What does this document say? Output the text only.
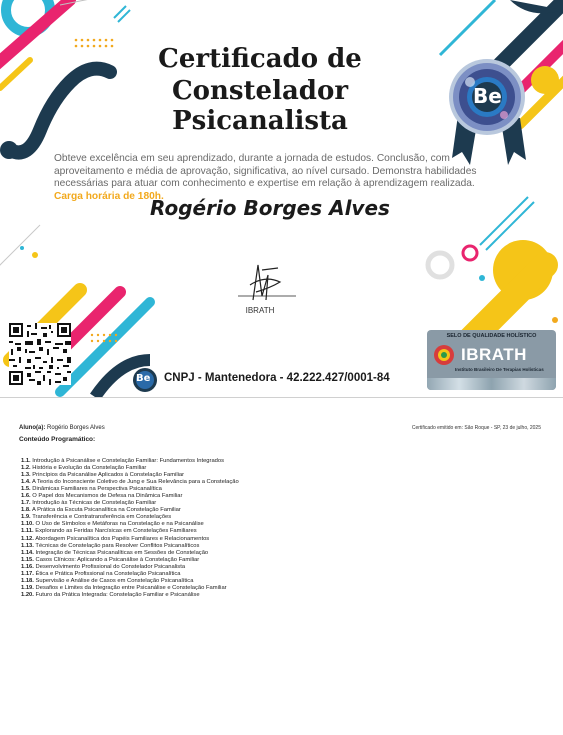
Be
Be
Certificado de
Constelador Psicanalista
Obteve excelência em seu aprendizado, durante a jornada de estudos. Conclusão, com aproveitamento e média de aprovação, significativa, ao nível cursado. Demonstra habilidades necessárias para atuar com conhecimento e expertise em relação à aprendizagem realizada. Carga horária de 180h.
Rogério Borges Alves
IBRATH
CNPJ - Mantenedora - 42.222.427/0001-84
SELO DE QUALIDADE HOLÍSTICO
IBRATH
Instituto Brasileiro De Terapias Holísticas
Aluno(a): Rogério Borges Alves	Certificado emitido em: São Roque - SP, 23 de julho, 2025
Conteúdo Programático:
1.1. Introdução à Psicanálise e Constelação Familiar: Fundamentos Integrados
1.2. História e Evolução da Constelação Familiar
1.3. Princípios da Psicanálise Aplicados à Constelação Familiar
1.4. A Teoria do Inconsciente Coletivo de Jung e Sua Relevância para a Constelação
1.5. Dinâmicas Familiares na Perspectiva Psicanalítica
1.6. O Papel dos Mecanismos de Defesa na Dinâmica Familiar
1.7. Introdução às Técnicas de Constelação Familiar
1.8. A Prática da Escuta Psicanalítica na Constelação Familiar
1.9. Transferência e Contratransferência em Constelações
1.10. O Uso de Símbolos e Metáforas na Constelação e na Psicanálise
1.11. Explorando as Feridas Narcísicas em Constelações Familiares
1.12. Abordagem Psicanalítica dos Papéis Familiares e Relacionamentos
1.13. Técnicas de Constelação para Resolver Conflitos Psicanalíticos
1.14. Integração de Técnicas Psicanalíticas em Sessões de Constelação
1.15. Casos Clínicos: Aplicando a Psicanálise à Constelação Familiar
1.16. Desenvolvimento Profissional do Constelador Psicanalista
1.17. Ética e Prática Profissional na Constelação Psicanalítica
1.18. Supervisão e Análise de Casos em Constelação Psicanalítica
1.19. Desafios e Limites da Integração entre Psicanálise e Constelação Familiar
1.20. Futuro da Prática Integrada: Constelação Familiar e Psicanálise
